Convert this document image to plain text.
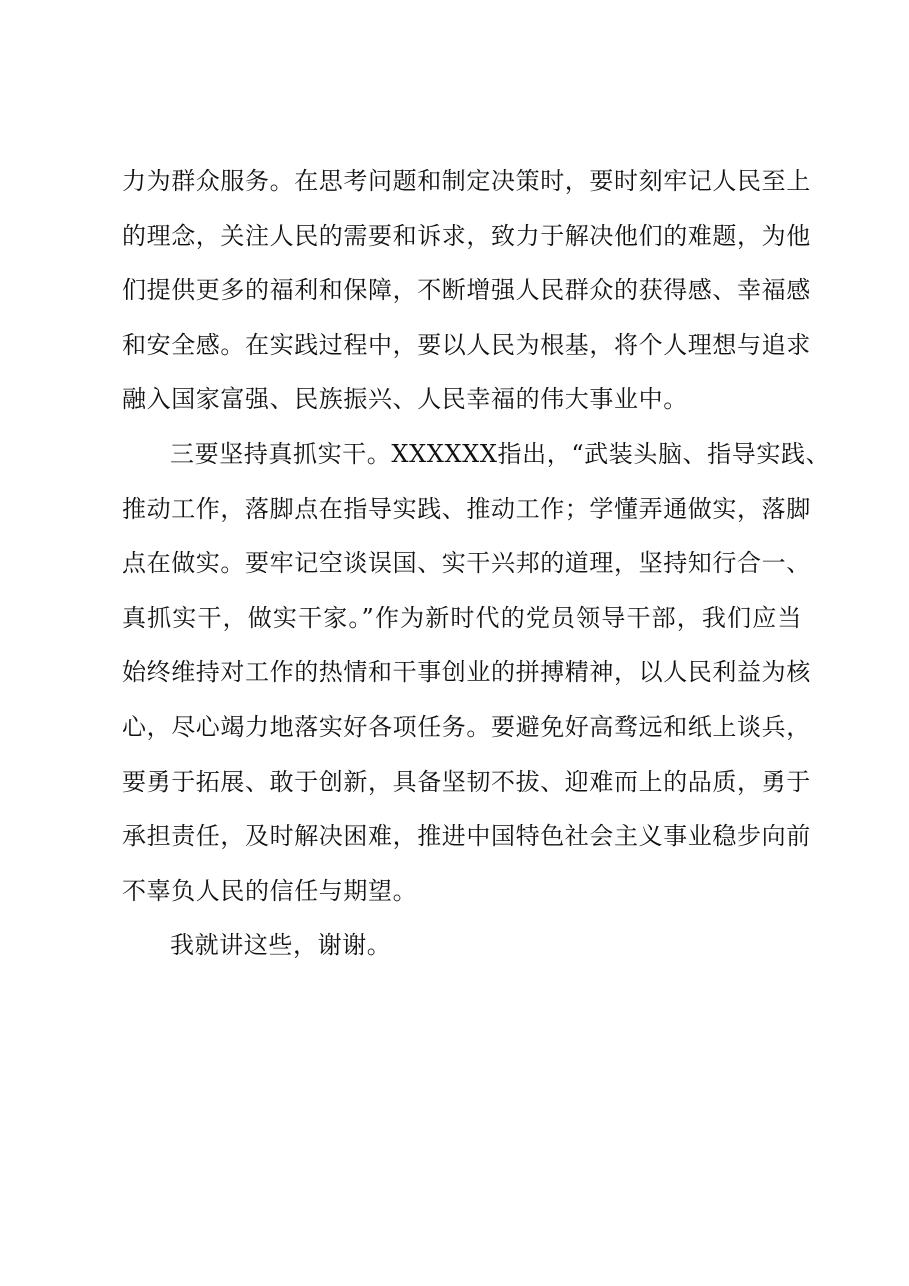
力为群众服务。在思考问题和制定决策时，要时刻牢记人民至上
的理念，关注人民的需要和诉求，致力于解决他们的难题，为他
们提供更多的福利和保障，不断增强人民群众的获得感、幸福感
和安全感。在实践过程中，要以人民为根基，将个人理想与追求
融入国家富强、民族振兴、人民幸福的伟大事业中。
三要坚持真抓实干。XXXXXX指出，“武装头脑、指导实践、
推动工作，落脚点在指导实践、推动工作；学懂弄通做实，落脚
点在做实。要牢记空谈误国、实干兴邦的道理，坚持知行合一、
真抓实干，做实干家。”作为新时代的党员领导干部，我们应当
始终维持对工作的热情和干事创业的拼搏精神，以人民利益为核
心，尽心竭力地落实好各项任务。要避免好高骛远和纸上谈兵，
要勇于拓展、敢于创新，具备坚韧不拔、迎难而上的品质，勇于
承担责任，及时解决困难，推进中国特色社会主义事业稳步向前
不辜负人民的信任与期望。
我就讲这些，谢谢。
